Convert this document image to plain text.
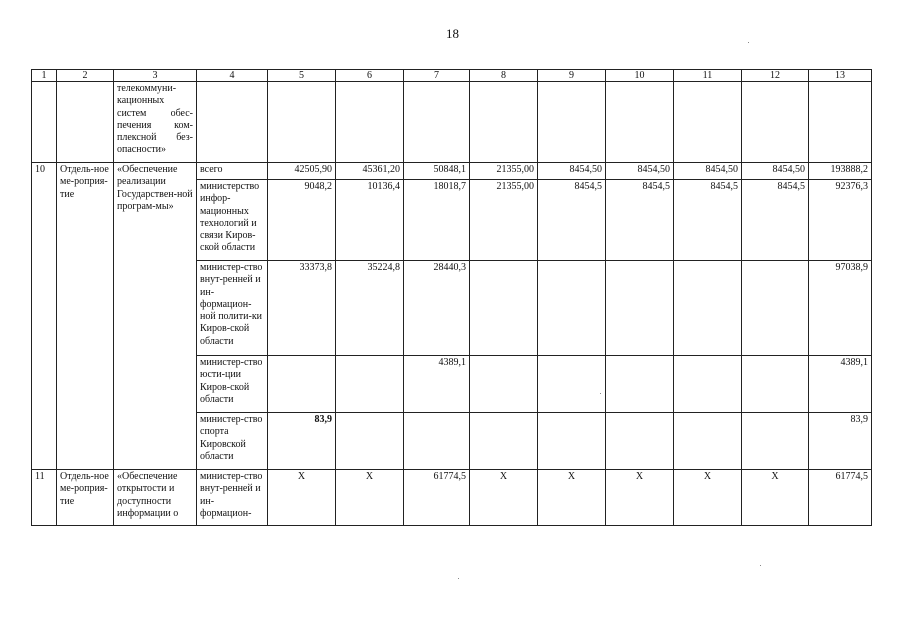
18
1	2	3	4	5	6	7	8	9	10	11	12	13
		телекоммуни-кационных систем обес-печения ком-плексной без-опасности»										
10	Отдель-ное ме-роприя-тие	«Обеспечение реализации Государствен-ной програм-мы»	всего	42505,90	45361,20	50848,1	21355,00	8454,50	8454,50	8454,50	8454,50	193888,2
			министерство инфор-мационных технологий и связи Киров-ской области	9048,2	10136,4	18018,7	21355,00	8454,5	8454,5	8454,5	8454,5	92376,3
			министер-ство внут-ренней и ин-формацион-ной полити-ки Киров-ской области	33373,8	35224,8	28440,3						97038,9
			министер-ство юсти-ции Киров-ской области			4389,1						4389,1
			министер-ство спорта Кировской области	83,9								83,9
11	Отдель-ное ме-роприя-тие	«Обеспечение открытости и доступности информации о	министер-ство внут-ренней и ин-формацион-	Х	Х	61774,5	Х	Х	Х	Х	Х	61774,5
